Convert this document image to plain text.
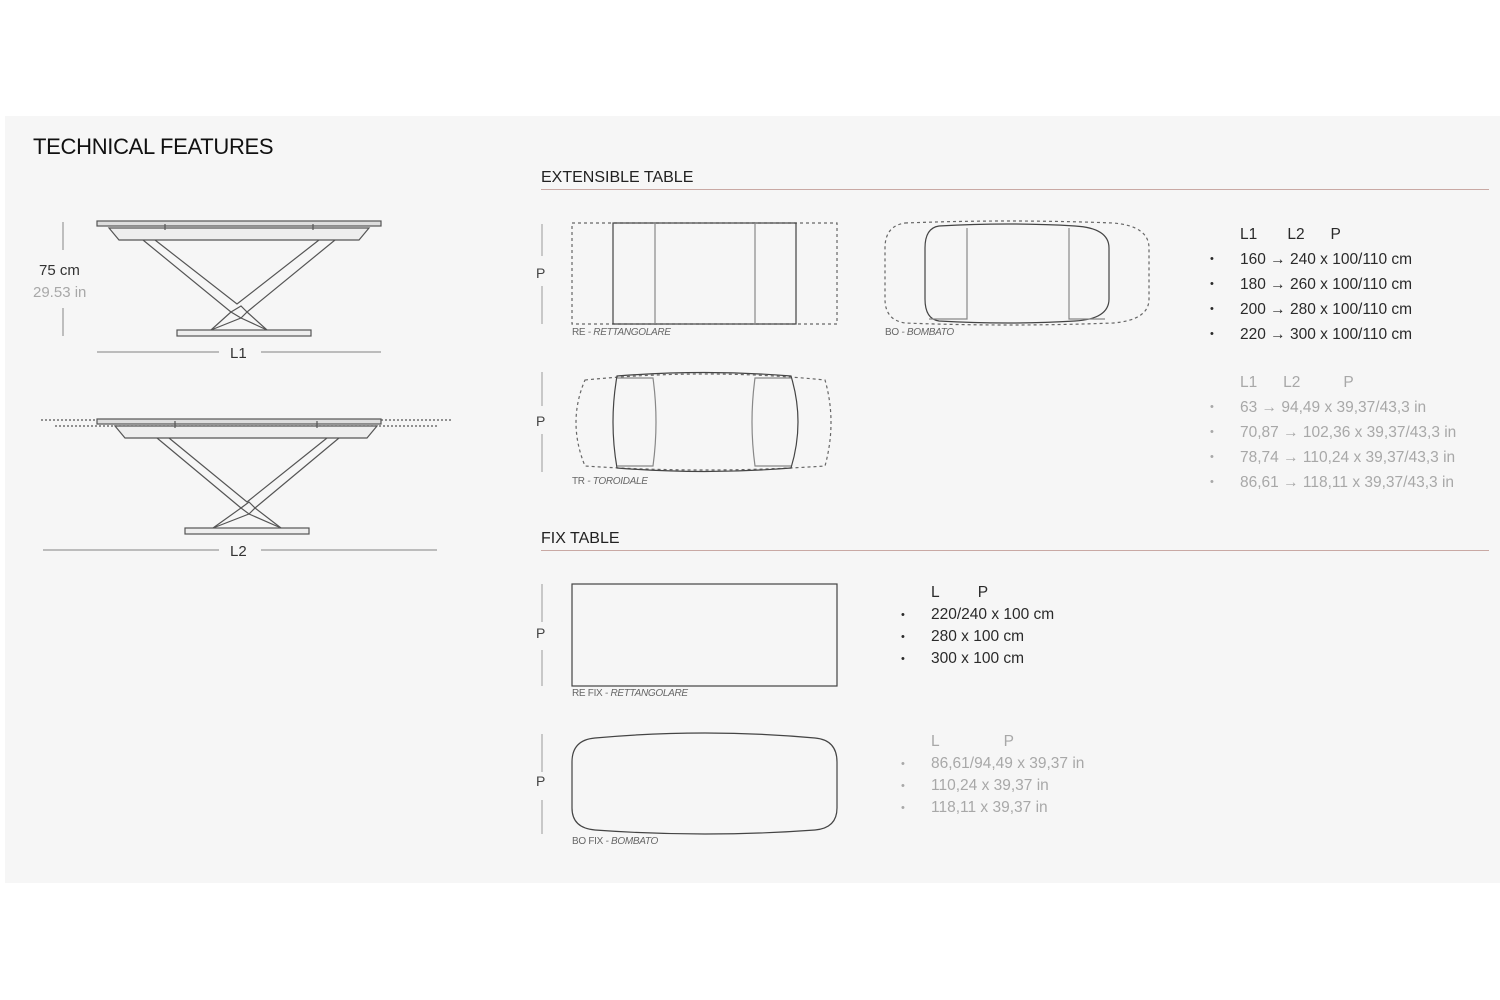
TECHNICAL FEATURES
75 cm
29.53 in
L1
L2
EXTENSIBLE TABLE
P
P
RE - RETTANGOLARE	BO - BOMBATO
TR - TOROIDALE
L1       L2      P
• 160 → 240 x 100/110 cm
• 180 → 260 x 100/110 cm
• 200 → 280 x 100/110 cm
• 220 → 300 x 100/110 cm
L1      L2          P
• 63 → 94,49 x 39,37/43,3 in
• 70,87 → 102,36 x 39,37/43,3 in
• 78,74 → 110,24 x 39,37/43,3 in
• 86,61 → 118,11 x 39,37/43,3 in
FIX TABLE
P
P
RE FIX - RETTANGOLARE
BO FIX - BOMBATO
L         P
• 220/240 x 100 cm
• 280 x 100 cm
• 300 x 100 cm
L               P
• 86,61/94,49 x 39,37 in
• 110,24 x 39,37 in
• 118,11 x 39,37 in
